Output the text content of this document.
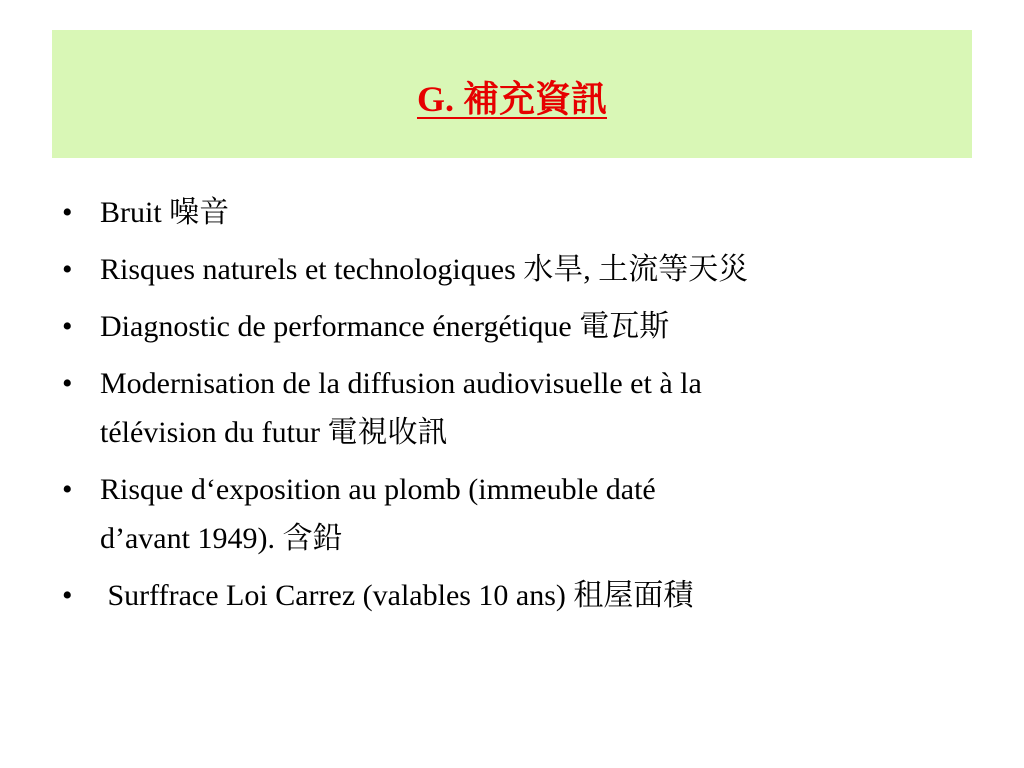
G. 補充資訊
• Bruit 噪音
• Risques naturels et technologiques 水旱, 土流等天災
• Diagnostic de performance énergétique 電瓦斯
• Modernisation de la diffusion audiovisuelle et à la
télévision du futur 電視收訊
• Risque d‘exposition au plomb (immeuble daté
d’avant 1949). 含鉛
• Surffrace Loi Carrez (valables 10 ans) 租屋面積
